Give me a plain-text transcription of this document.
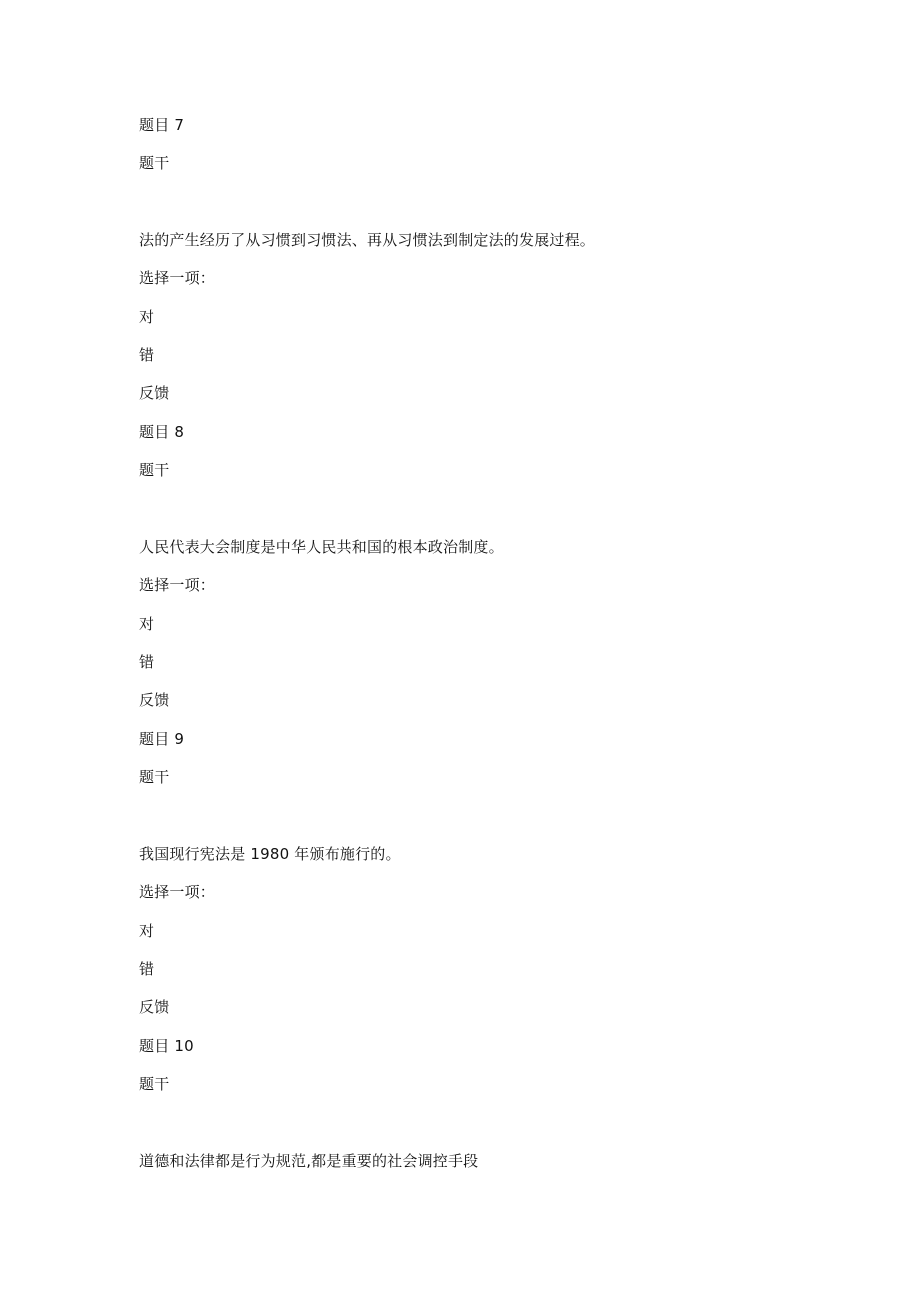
题目 7
题干
法的产生经历了从习惯到习惯法、再从习惯法到制定法的发展过程。
选择一项：
对
错
反馈
题目 8
题干
人民代表大会制度是中华人民共和国的根本政治制度。
选择一项：
对
错
反馈
题目 9
题干
我国现行宪法是 1980 年颁布施行的。
选择一项：
对
错
反馈
题目 10
题干
道德和法律都是行为规范,都是重要的社会调控手段
